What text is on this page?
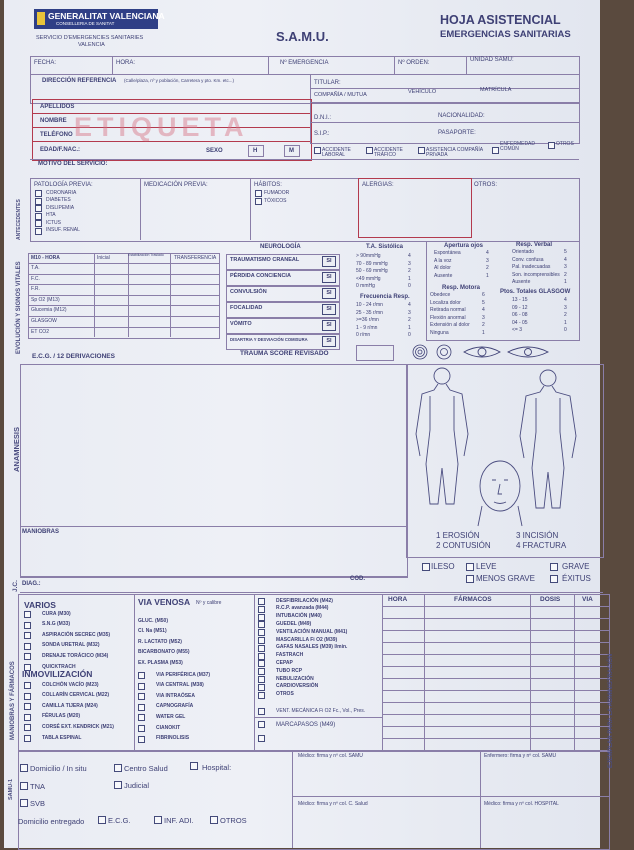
GENERALITAT VALENCIANA
CONSELLERIA DE SANITAT
SERVICIO D'EMERGENCIES SANITARIES
VALENCIA
S.A.M.U.
HOJA ASISTENCIAL
EMERGENCIAS SANITARIAS
FECHA:	HORA:	Nº EMERGENCIA	Nº ORDEN:	UNIDAD SAMU:
DIRECCIÓN REFERENCIA (Calle/plaza, nº y población, Carretera y pto. Km. etc...)	TITULAR:
COMPAÑÍA / MUTUA	VEHÍCULO	MATRÍCULA
APELLIDOS
NOMBRE
TELÉFONO
EDAD/F.NAC.:
ETIQUETA
SEXO	H	M
D.N.I.:	NACIONALIDAD:
S.I.P.:	PASAPORTE:
ACCIDENTE LABORAL
ACCIDENTE TRÁFICO
ASISTENCIA COMPAÑÍA PRIVADA
ENFERMEDAD COMÚN
OTROS
MOTIVO DEL SERVICIO:
ANTECEDENTES
PATOLOGÍA PREVIA:
CORONARIA
DIABETES
DISLIPEMIA
HTA
ICTUS
INSUF. RENAL
MEDICACIÓN PREVIA:	HÁBITOS:
FUMADOR
TÓXICOS
ALERGIAS:	OTROS:
EVOLUCIÓN Y SIGNOS VITALES
M10 - HORA	Inicial	Estabilización Traslado	TRANSFERENCIA
T.A.
F.C.
F.R.
Sp O2 (M13)
Glucemia (M12)
GLASGOW
ET CO2
NEUROLOGÍA
TRAUMATISMO CRANEAL	SI
PÉRDIDA CONCIENCIA	SI
CONVULSIÓN	SI
FOCALIDAD	SI
VÓMITO	SI
DISARTRIA Y DESVIACIÓN COMISURA	SI
T.A. Sistólica
> 90mmHg	4
70 - 89 mmHg	3
50 - 69 mmHg	2
<49 mmHg	1
0 mmHg	0
Frecuencia Resp.
10 - 24 r/mn	4
25 - 35 r/mn	3
>=36 r/mn	2
1 - 9 r/mn	1
0 r/mn	0
Apertura ojos	Resp. Verbal
Resp. Motora
Ptos. Totales GLASGOW
Espontánea	4
A la voz	3
Al dolor	2
Ausente	1
Orientado	5
Conv. confusa	4
Pal. inadecuadas	3
Son. incomprensibles 2
Ausente	1
Obedece	6
Localiza dolor	5
Retirada normal	4
Flexión anormal	3
Extensión al dolor 2
Ninguna	1
13 - 15	4
09 - 12	3
06 - 08	2
04 - 05	1
<= 3	0
E.C.G. / 12 DERIVACIONES	TRAUMA SCORE REVISADO
ANAMNESIS
MANIOBRAS	1 EROSIÓN
2 CONTUSIÓN
3 INCISIÓN
4 FRACTURA
ILESO	LEVE	GRAVE
MENOS GRAVE	ÉXITUS
J.C. DIAG.:
COD.
MANIOBRAS Y FÁRMACOS
HORA	FÁRMACOS	DOSIS	VIA
VARIOS
CURA (M30)
S.N.G (M33)
ASPIRACIÓN SECREC (M35)
SONDA URETRAL (M32)
DRENAJE TORÁCICO (M34)
QUICKTRACH
INMOVILIZACIÓN
COLCHÓN VACÍO (M23)
COLLARÍN CERVICAL (M22)
CAMILLA TIJERA (M24)
FÉRULAS (M20)
CORSÉ EXT. KENDRICK (M21)
TABLA ESPINAL
VIA VENOSA Nº y calibre
GLUC. (M50)
Cl. Na (M51)
R. LACTATO (M52)
BICARBONATO (M55)
EX. PLASMA (M53)
VIA PERIFÉRICA (M37)
VIA CENTRAL (M38)
VIA INTRAÓSEA
CAPNOGRAFÍA
WATER GEL
CIANOKIT
FIBRINOLISIS
DESFIBRILACIÓN (M42)
R.C.P. avanzada (M44)
INTUBACIÓN (M40)
GUEDEL (M49)
VENTILACIÓN MANUAL (M41)
MASCARILLA Fi O2 (M39)
GAFAS NASALES (M39) l/min.
FASTRACH
CEPAP
TUBO RCP
NEBULIZACIÓN
CARDIOVERSIÓN
OTROS
VENT. MECÁNICA Fi O2 Fc., Vol., Pres.
MARCAPASOS (M49)
SAMU-1
Domicilio / In situ	Centro Salud	Hospital:
TNA	Judicial
SVB
Domicilio entregado	E.C.G.	INF. ADI.	OTROS
Médico: firma y nº col. SAMU	Enfermero: firma y nº col. SAMU
Médico: firma y nº col. C. Salud	Médico: firma y nº col. HOSPITAL
EJEMPLAR PARA LA ADMINISTRACIÓN
